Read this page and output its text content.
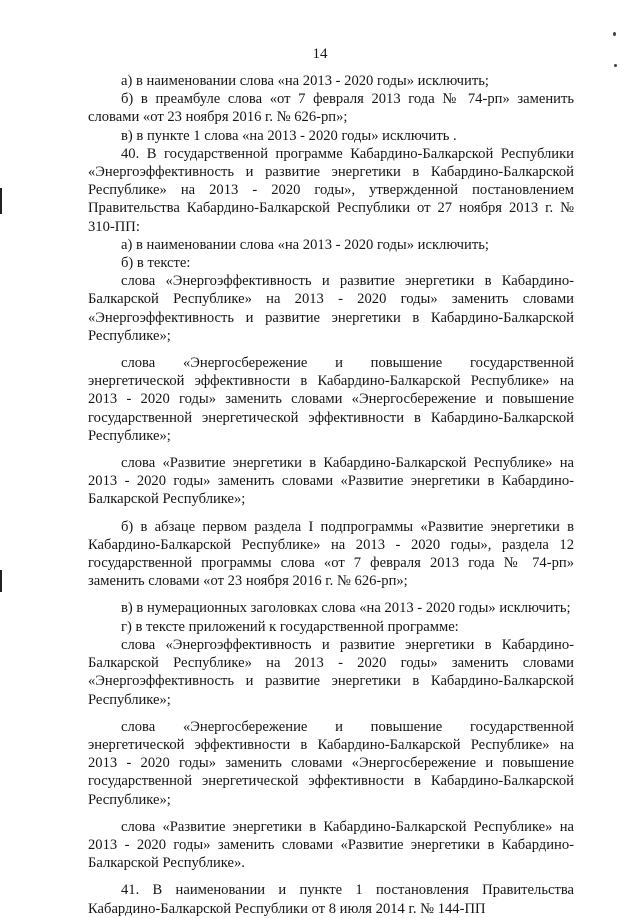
14

а) в наименовании слова «на 2013 - 2020 годы» исключить;

б) в преамбуле слова «от 7 февраля 2013 года № 74-рп» заменить словами «от 23 ноября 2016 г. № 626-рп»;

в) в пункте 1 слова «на 2013 - 2020 годы» исключить .

40. В государственной программе Кабардино-Балкарской Республики «Энергоэффективность и развитие энергетики в Кабардино-Балкарской Республике» на 2013 - 2020 годы», утвержденной постановлением Правительства Кабардино-Балкарской Республики от 27 ноября 2013 г. № 310-ПП:

а) в наименовании слова «на 2013 - 2020 годы» исключить;

б) в тексте:

слова «Энергоэффективность и развитие энергетики в Кабардино-Балкарской Республике» на 2013 - 2020 годы» заменить словами «Энергоэффективность и развитие энергетики в Кабардино-Балкарской Республике»;

слова «Энергосбережение и повышение государственной энергетической эффективности в Кабардино-Балкарской Республике» на 2013 - 2020 годы» заменить словами «Энергосбережение и повышение государственной энергетической эффективности в Кабардино-Балкарской Республике»;

слова «Развитие энергетики в Кабардино-Балкарской Республике» на 2013 - 2020 годы» заменить словами «Развитие энергетики в Кабардино-Балкарской Республике»;

б) в абзаце первом раздела I подпрограммы «Развитие энергетики в Кабардино-Балкарской Республике» на 2013 - 2020 годы», раздела 12 государственной программы слова «от 7 февраля 2013 года № 74-рп» заменить словами «от 23 ноября 2016 г. № 626-рп»;

в) в нумерационных заголовках слова «на 2013 - 2020 годы» исключить;

г) в тексте приложений к государственной программе:

слова «Энергоэффективность и развитие энергетики в Кабардино-Балкарской Республике» на 2013 - 2020 годы» заменить словами «Энергоэффективность и развитие энергетики в Кабардино-Балкарской Республике»;

слова «Энергосбережение и повышение государственной энергетической эффективности в Кабардино-Балкарской Республике» на 2013 - 2020 годы» заменить словами «Энергосбережение и повышение государственной энергетической эффективности в Кабардино-Балкарской Республике»;

слова «Развитие энергетики в Кабардино-Балкарской Республике» на 2013 - 2020 годы» заменить словами «Развитие энергетики в Кабардино-Балкарской Республике».

41. В наименовании и пункте 1 постановления Правительства Кабардино-Балкарской Республики от 8 июля 2014 г. № 144-ПП
